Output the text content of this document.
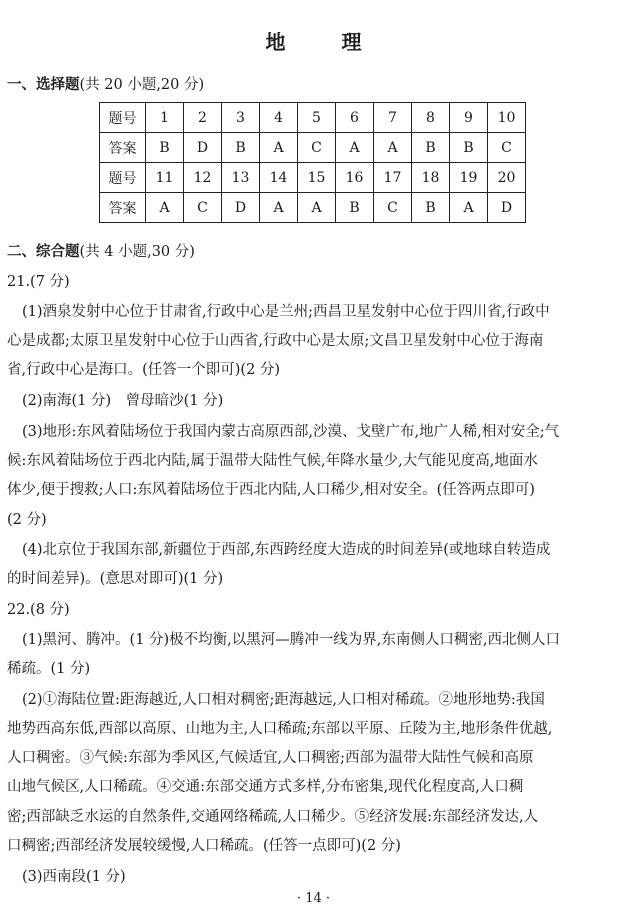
地　理
一、选择题(共 20 小题,20 分)
题号	1	2	3	4	5	6	7	8	9	10
答案	B	D	B	A	C	A	A	B	B	C
题号	11	12	13	14	15	16	17	18	19	20
答案	A	C	D	A	A	B	C	B	A	D
二、综合题(共 4 小题,30 分)
21.(7 分)
(1)酒泉发射中心位于甘肃省,行政中心是兰州;西昌卫星发射中心位于四川省,行政中
心是成都;太原卫星发射中心位于山西省,行政中心是太原;文昌卫星发射中心位于海南
省,行政中心是海口。(任答一个即可)(2 分)
(2)南海(1 分)　曾母暗沙(1 分)
(3)地形:东风着陆场位于我国内蒙古高原西部,沙漠、戈壁广布,地广人稀,相对安全;气
候:东风着陆场位于西北内陆,属于温带大陆性气候,年降水量少,大气能见度高,地面水
体少,便于搜救;人口:东风着陆场位于西北内陆,人口稀少,相对安全。(任答两点即可)
(2 分)
(4)北京位于我国东部,新疆位于西部,东西跨经度大造成的时间差异(或地球自转造成
的时间差异)。(意思对即可)(1 分)
22.(8 分)
(1)黑河、腾冲。(1 分)极不均衡,以黑河—腾冲一线为界,东南侧人口稠密,西北侧人口
稀疏。(1 分)
(2)①海陆位置:距海越近,人口相对稠密;距海越远,人口相对稀疏。②地形地势:我国
地势西高东低,西部以高原、山地为主,人口稀疏;东部以平原、丘陵为主,地形条件优越,
人口稠密。③气候:东部为季风区,气候适宜,人口稠密;西部为温带大陆性气候和高原
山地气候区,人口稀疏。④交通:东部交通方式多样,分布密集,现代化程度高,人口稠
密;西部缺乏水运的自然条件,交通网络稀疏,人口稀少。⑤经济发展:东部经济发达,人
口稠密;西部经济发展较缓慢,人口稀疏。(任答一点即可)(2 分)
(3)西南段(1 分)
· 14 ·
